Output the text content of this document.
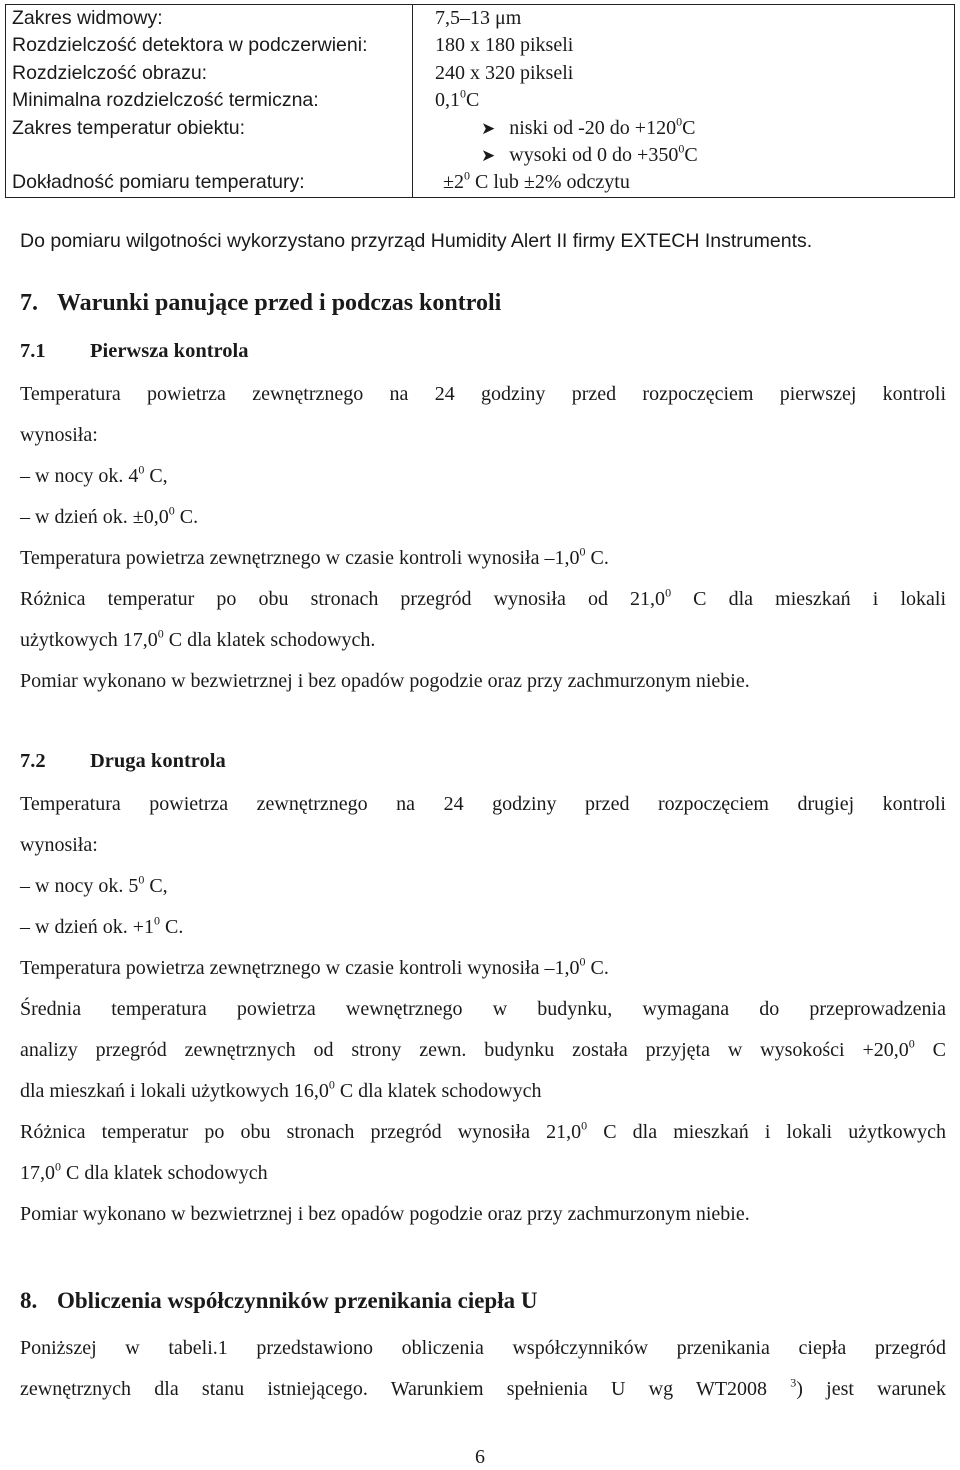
Zakres widmowy:	7,5–13 μm
Rozdzielczość detektora w podczerwieni:	180 x 180 pikseli
Rozdzielczość obrazu:	240 x 320 pikseli
Minimalna rozdzielczość termiczna:	$0,1^0C$
Zakres temperatur obiektu:	➤ niski od -20 do $+120^0C$
	➤ wysoki od 0 do $+350^0C$
Dokładność pomiaru temperatury:	$\pm 2^0$ C lub ±2% odczytu

Do pomiaru wilgotności wykorzystano przyrząd Humidity Alert II firmy EXTECH Instruments.

7. Warunki panujące przed i podczas kontroli
7.1 Pierwsza kontrola

Temperatura powietrza zewnętrznego na 24 godziny przed rozpoczęciem pierwszej kontroli

wynosiła:

– w nocy ok. $4^0$ C,

– w dzień ok. $\pm 0,0^0$ C.

Temperatura powietrza zewnętrznego w czasie kontroli wynosiła $-1,0^0$ C.

Różnica temperatur po obu stronach przegród wynosiła od 21,0$^0$ C dla mieszkań i lokali

użytkowych 17,0$^0$ C dla klatek schodowych.

Pomiar wykonano w bezwietrznej i bez opadów pogodzie oraz przy zachmurzonym niebie.

7.2 Druga kontrola

Temperatura powietrza zewnętrznego na 24 godziny przed rozpoczęciem drugiej kontroli

wynosiła:

– w nocy ok. $5^0$ C,

– w dzień ok. $+1^0$ C.

Temperatura powietrza zewnętrznego w czasie kontroli wynosiła $-1,0^0$ C.

Średnia temperatura powietrza wewnętrznego w budynku, wymagana do przeprowadzenia

analizy przegród zewnętrznych od strony zewn. budynku została przyjęta w wysokości $+20,0^0$ C

dla mieszkań i lokali użytkowych 16,0$^0$ C dla klatek schodowych

Różnica temperatur po obu stronach przegród wynosiła 21,0$^0$ C dla mieszkań i lokali użytkowych

17,0$^0$ C dla klatek schodowych

Pomiar wykonano w bezwietrznej i bez opadów pogodzie oraz przy zachmurzonym niebie.

8. Obliczenia współczynników przenikania ciepła U

Poniższej w tabeli.1 przedstawiono obliczenia współczynników przenikania ciepła przegród

zewnętrznych dla stanu istniejącego. Warunkiem spełnienia U wg WT2008 $^3$) jest warunek

6
